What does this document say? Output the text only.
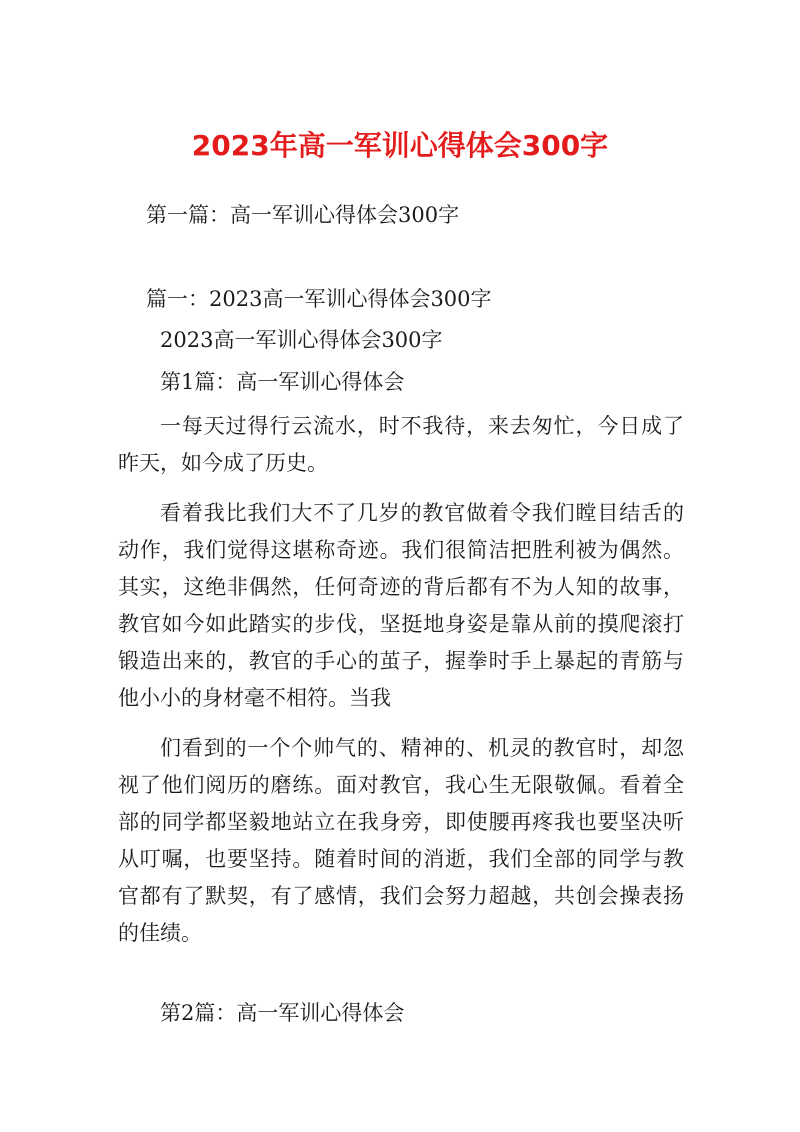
2023年高一军训心得体会300字
第一篇：高一军训心得体会300字
篇一：2023高一军训心得体会300字
2023高一军训心得体会300字
第1篇：高一军训心得体会

一每天过得行云流水，时不我待，来去匆忙，今日成了昨天，如今成了历史。

看着我比我们大不了几岁的教官做着令我们瞠目结舌的动作，我们觉得这堪称奇迹。我们很简洁把胜利被为偶然。其实，这绝非偶然，任何奇迹的背后都有不为人知的故事，教官如今如此踏实的步伐，坚挺地身姿是靠从前的摸爬滚打锻造出来的，教官的手心的茧子，握拳时手上暴起的青筋与他小小的身材毫不相符。当我

们看到的一个个帅气的、精神的、机灵的教官时，却忽视了他们阅历的磨练。面对教官，我心生无限敬佩。看着全部的同学都坚毅地站立在我身旁，即使腰再疼我也要坚决听从叮嘱，也要坚持。随着时间的消逝，我们全部的同学与教官都有了默契，有了感情，我们会努力超越，共创会操表扬的佳绩。

第2篇：高一军训心得体会
